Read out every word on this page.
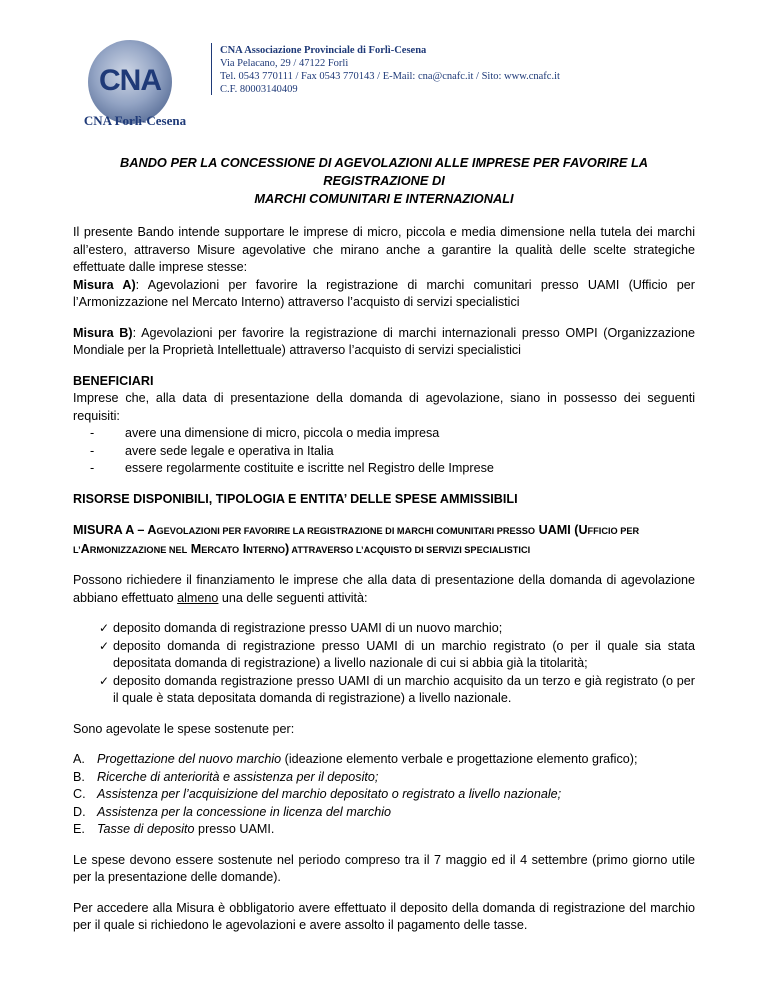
CNA
CNA Forlì-Cesena
CNA Associazione Provinciale di Forlì-Cesena
Via Pelacano, 29 / 47122 Forlì
Tel. 0543 770111 / Fax 0543 770143 / E-Mail: cna@cnafc.it / Sito: www.cnafc.it
C.F. 80003140409
BANDO PER LA CONCESSIONE DI AGEVOLAZIONI ALLE IMPRESE PER FAVORIRE LA REGISTRAZIONE DI
MARCHI COMUNITARI E INTERNAZIONALI

Il presente Bando intende supportare le imprese di micro, piccola e media dimensione nella tutela dei marchi all’estero, attraverso Misure agevolative che mirano anche a garantire la qualità delle scelte strategiche effettuate dalle imprese stesse:

Misura A): Agevolazioni per favorire la registrazione di marchi comunitari presso UAMI (Ufficio per l’Armonizzazione nel Mercato Interno) attraverso l’acquisto di servizi specialistici

Misura B): Agevolazioni per favorire la registrazione di marchi internazionali presso OMPI (Organizzazione Mondiale per la Proprietà Intellettuale) attraverso l’acquisto di servizi specialistici

BENEFICIARI

Imprese che, alla data di presentazione della domanda di agevolazione, siano in possesso dei seguenti requisiti:

- avere una dimensione di micro, piccola o media impresa
- avere sede legale e operativa in Italia
- essere regolarmente costituite e iscritte nel Registro delle Imprese

RISORSE DISPONIBILI, TIPOLOGIA E ENTITA’ DELLE SPESE AMMISSIBILI

MISURA A – AGEVOLAZIONI PER FAVORIRE LA REGISTRAZIONE DI MARCHI COMUNITARI PRESSO UAMI (UFFICIO PER
L’ARMONIZZAZIONE NEL MERCATO INTERNO) ATTRAVERSO L’ACQUISTO DI SERVIZI SPECIALISTICI

Possono richiedere il finanziamento le imprese che alla data di presentazione della domanda di agevolazione abbiano effettuato almeno una delle seguenti attività:

✓ deposito domanda di registrazione presso UAMI di un nuovo marchio;
✓ deposito domanda di registrazione presso UAMI di un marchio registrato (o per il quale sia stata depositata domanda di registrazione) a livello nazionale di cui si abbia già la titolarità;
✓ deposito domanda registrazione presso UAMI di un marchio acquisito da un terzo e già registrato (o per il quale è stata depositata domanda di registrazione) a livello nazionale.

Sono agevolate le spese sostenute per:

A. Progettazione del nuovo marchio (ideazione elemento verbale e progettazione elemento grafico);
B. Ricerche di anteriorità e assistenza per il deposito;
C. Assistenza per l’acquisizione del marchio depositato o registrato a livello nazionale;
D. Assistenza per la concessione in licenza del marchio
E. Tasse di deposito presso UAMI.

Le spese devono essere sostenute nel periodo compreso tra il 7 maggio ed il 4 settembre (primo giorno utile per la presentazione delle domande).

Per accedere alla Misura è obbligatorio avere effettuato il deposito della domanda di registrazione del marchio per il quale si richiedono le agevolazioni e avere assolto il pagamento delle tasse.
